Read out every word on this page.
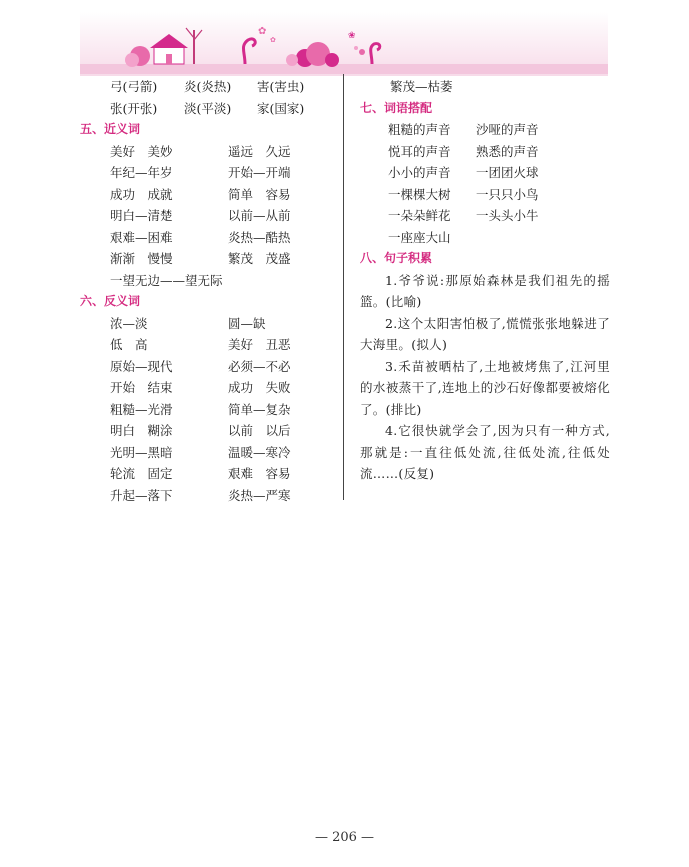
✿
✿	❀
弓(弓箭) 炎(炎热) 害(害虫)
张(开张) 淡(平淡) 家(国家)
五、近义词
美好　美妙	遥远　久远
年纪—年岁	开始—开端
成功　成就	简单　容易
明白—清楚	以前—从前
艰难—困难	炎热—酷热
渐渐　慢慢	繁茂　茂盛
一望无边——望无际
六、反义词
浓—淡	圆—缺
低　高	美好　丑恶
原始—现代	必须—不必
开始　结束	成功　失败
粗糙—光滑	简单—复杂
明白　糊涂	以前　以后
光明—黑暗	温暖—寒冷
轮流　固定	艰难　容易
升起—落下	炎热—严寒
繁茂—枯萎
七、词语搭配
粗糙的声音 沙哑的声音
悦耳的声音 熟悉的声音
小小的声音 一团团火球
一棵棵大树 一只只小鸟
一朵朵鲜花 一头头小牛
一座座大山
八、句子积累

1.爷爷说:那原始森林是我们祖先的摇篮。(比喻)

2.这个太阳害怕极了,慌慌张张地躲进了大海里。(拟人)

3.禾苗被晒枯了,土地被烤焦了,江河里的水被蒸干了,连地上的沙石好像都要被熔化了。(排比)

4.它很快就学会了,因为只有一种方式,那就是:一直往低处流,往低处流,往低处流……(反复)

— 206 —
